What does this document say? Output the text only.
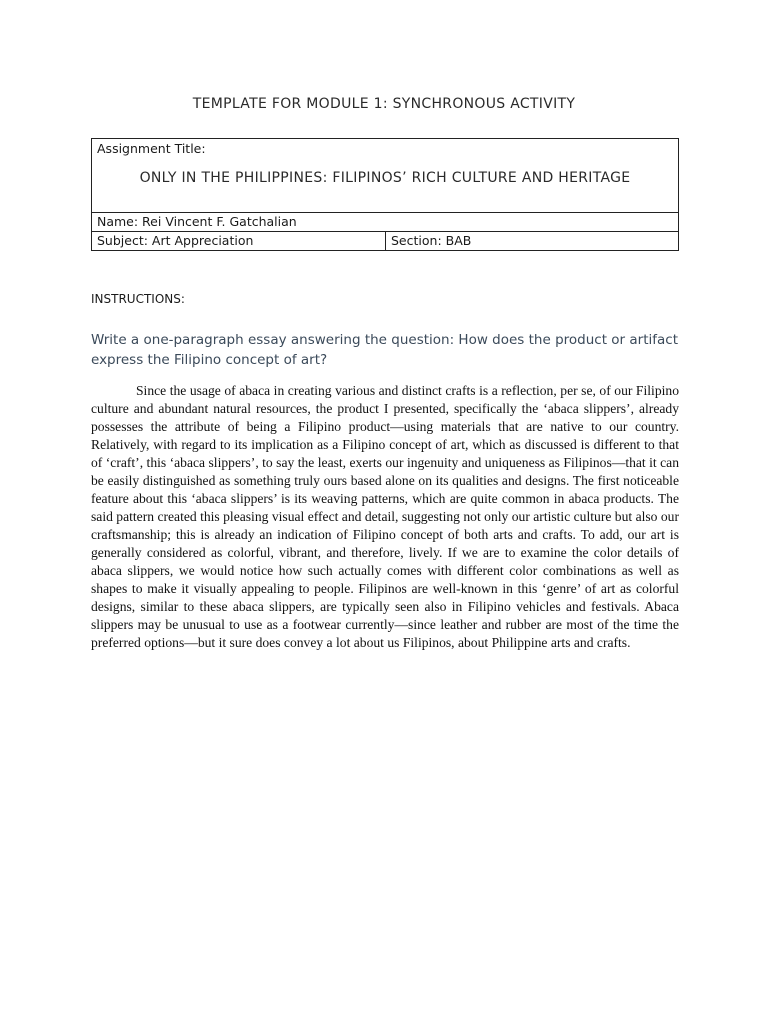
TEMPLATE FOR MODULE 1: SYNCHRONOUS ACTIVITY
Assignment Title:
ONLY IN THE PHILIPPINES: FILIPINOS’ RICH CULTURE AND HERITAGE

Name: Rei Vincent F. Gatchalian
Subject: Art Appreciation	Section: BAB
INSTRUCTIONS:
Write a one-paragraph essay answering the question: How does the product or artifact express the Filipino concept of art?

Since the usage of abaca in creating various and distinct crafts is a reflection, per se, of our Filipino culture and abundant natural resources, the product I presented, specifically the ‘abaca slippers’, already possesses the attribute of being a Filipino product—using materials that are native to our country. Relatively, with regard to its implication as a Filipino concept of art, which as discussed is different to that of ‘craft’, this ‘abaca slippers’, to say the least, exerts our ingenuity and uniqueness as Filipinos—that it can be easily distinguished as something truly ours based alone on its qualities and designs. The first noticeable feature about this ‘abaca slippers’ is its weaving patterns, which are quite common in abaca products. The said pattern created this pleasing visual effect and detail, suggesting not only our artistic culture but also our craftsmanship; this is already an indication of Filipino concept of both arts and crafts. To add, our art is generally considered as colorful, vibrant, and therefore, lively. If we are to examine the color details of abaca slippers, we would notice how such actually comes with different color combinations as well as shapes to make it visually appealing to people. Filipinos are well-known in this ‘genre’ of art as colorful designs, similar to these abaca slippers, are typically seen also in Filipino vehicles and festivals. Abaca slippers may be unusual to use as a footwear currently—since leather and rubber are most of the time the preferred options—but it sure does convey a lot about us Filipinos, about Philippine arts and crafts.
